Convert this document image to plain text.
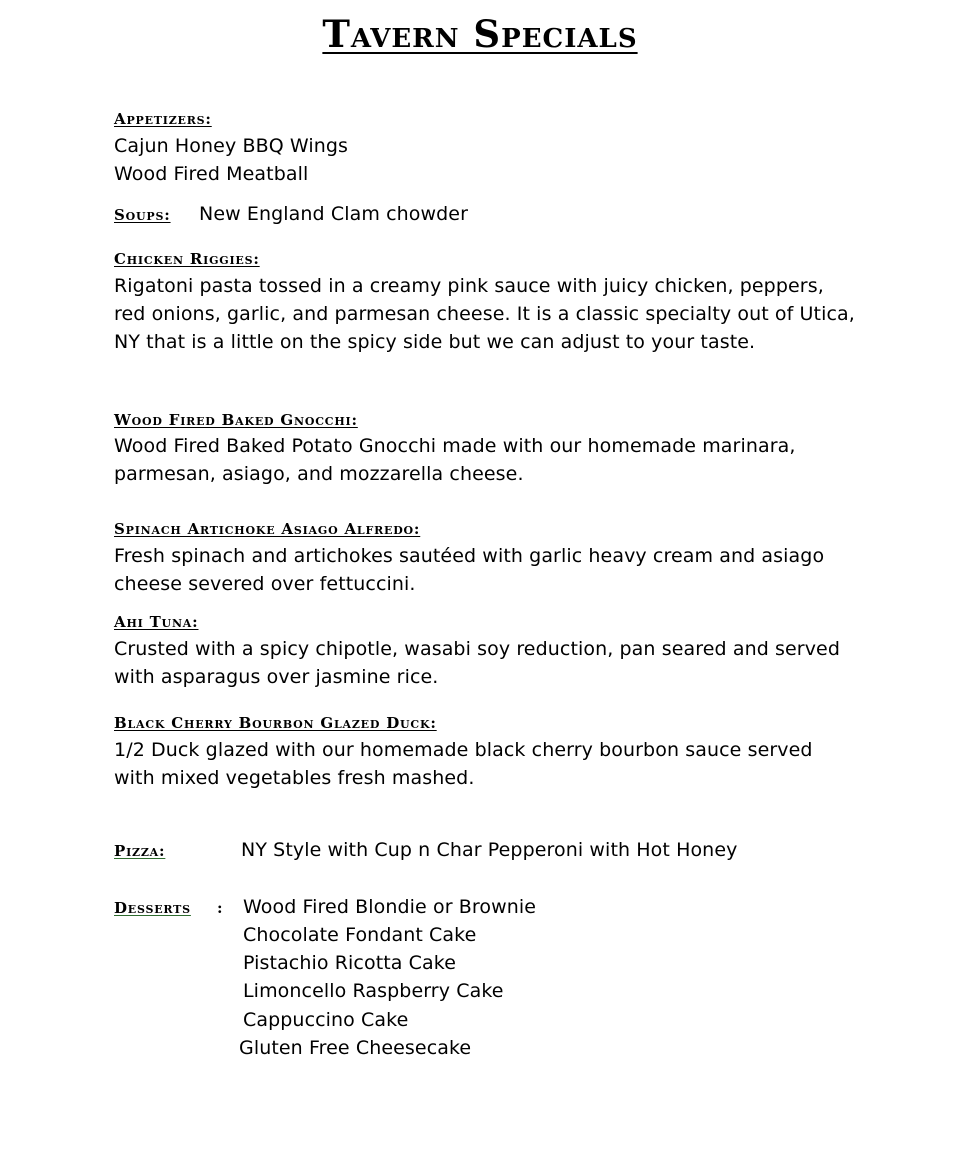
Tavern Specials
Appetizers:
Cajun Honey BBQ Wings
Wood Fired Meatball
Soups: New England Clam chowder
Chicken Riggies:
Rigatoni pasta tossed in a creamy pink sauce with juicy chicken, peppers, red onions, garlic, and parmesan cheese. It is a classic specialty out of Utica, NY that is a little on the spicy side but we can adjust to your taste.
Wood Fired Baked Gnocchi:
Wood Fired Baked Potato Gnocchi made with our homemade marinara, parmesan, asiago, and mozzarella cheese.
Spinach Artichoke Asiago Alfredo:
Fresh spinach and artichokes sautéed with garlic heavy cream and asiago cheese severed over fettuccini.
Ahi Tuna:
Crusted with a spicy chipotle, wasabi soy reduction, pan seared and served with asparagus over jasmine rice.
Black Cherry Bourbon Glazed Duck:
1/2 Duck glazed with our homemade black cherry bourbon sauce served with mixed vegetables fresh mashed.
Pizza:	NY Style with Cup n Char Pepperoni with Hot Honey
Desserts : Wood Fired Blondie or Brownie
Chocolate Fondant Cake
Pistachio Ricotta Cake
Limoncello Raspberry Cake
Cappuccino Cake
Gluten Free Cheesecake
